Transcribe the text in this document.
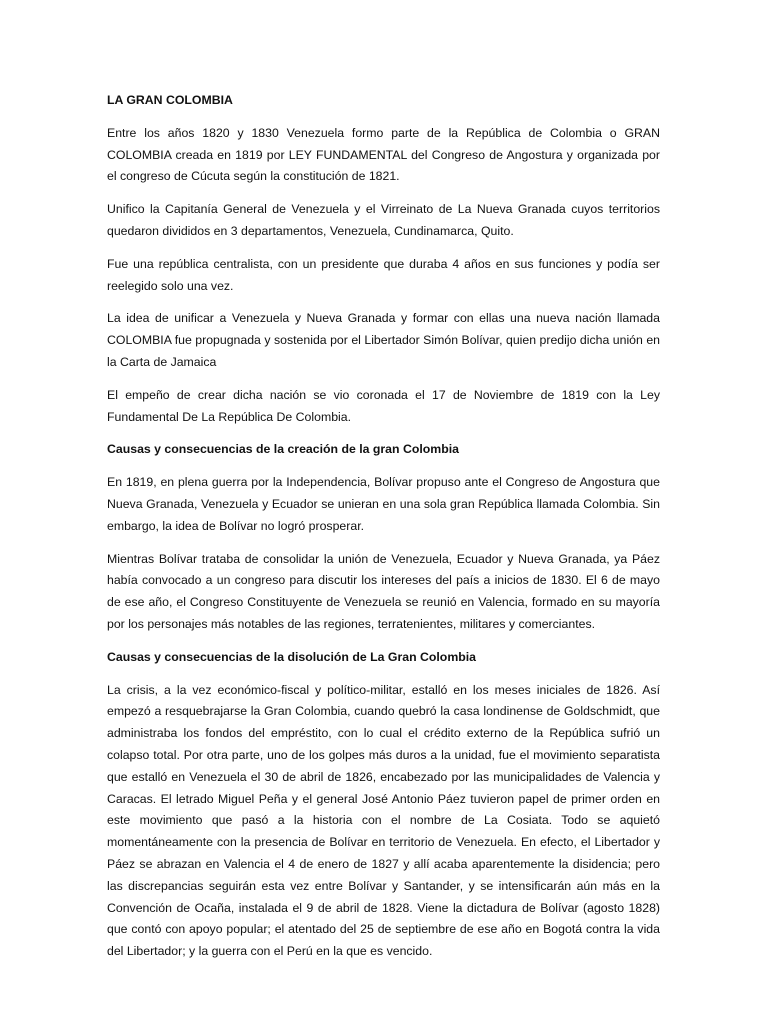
LA GRAN COLOMBIA

Entre los años 1820 y 1830 Venezuela formo parte de la República de Colombia o GRAN COLOMBIA creada en 1819 por LEY FUNDAMENTAL del Congreso de Angostura y organizada por el congreso de Cúcuta según la constitución de 1821.

Unifico la Capitanía General de Venezuela y el Virreinato de La Nueva Granada cuyos territorios quedaron divididos en 3 departamentos, Venezuela, Cundinamarca, Quito.

Fue una república centralista, con un presidente que duraba 4 años en sus funciones y podía ser reelegido solo una vez.

La idea de unificar a Venezuela y Nueva Granada y formar con ellas una nueva nación llamada COLOMBIA fue propugnada y sostenida por el Libertador Simón Bolívar, quien predijo dicha unión en la Carta de Jamaica

El empeño de crear dicha nación se vio coronada el 17 de Noviembre de 1819 con la Ley Fundamental De La República De Colombia.

Causas y consecuencias de la creación de la gran Colombia

En 1819, en plena guerra por la Independencia, Bolívar propuso ante el Congreso de Angostura que Nueva Granada, Venezuela y Ecuador se unieran en una sola gran República llamada Colombia. Sin embargo, la idea de Bolívar no logró prosperar.

Mientras Bolívar trataba de consolidar la unión de Venezuela, Ecuador y Nueva Granada, ya Páez había convocado a un congreso para discutir los intereses del país a inicios de 1830. El 6 de mayo de ese año, el Congreso Constituyente de Venezuela se reunió en Valencia, formado en su mayoría por los personajes más notables de las regiones, terratenientes, militares y comerciantes.

Causas y consecuencias de la disolución de La Gran Colombia

La crisis, a la vez económico-fiscal y político-militar, estalló en los meses iniciales de 1826. Así empezó a resquebrajarse la Gran Colombia, cuando quebró la casa londinense de Goldschmidt, que administraba los fondos del empréstito, con lo cual el crédito externo de la República sufrió un colapso total. Por otra parte, uno de los golpes más duros a la unidad, fue el movimiento separatista que estalló en Venezuela el 30 de abril de 1826, encabezado por las municipalidades de Valencia y Caracas. El letrado Miguel Peña y el general José Antonio Páez tuvieron papel de primer orden en este movimiento que pasó a la historia con el nombre de La Cosiata. Todo se aquietó momentáneamente con la presencia de Bolívar en territorio de Venezuela. En efecto, el Libertador y Páez se abrazan en Valencia el 4 de enero de 1827 y allí acaba aparentemente la disidencia; pero las discrepancias seguirán esta vez entre Bolívar y Santander, y se intensificarán aún más en la Convención de Ocaña, instalada el 9 de abril de 1828. Viene la dictadura de Bolívar (agosto 1828) que contó con apoyo popular; el atentado del 25 de septiembre de ese año en Bogotá contra la vida del Libertador; y la guerra con el Perú en la que es vencido.
